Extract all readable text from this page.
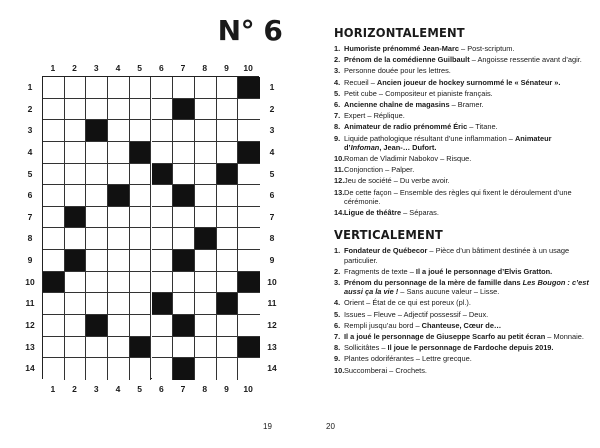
N° 6
1
1
2
2
3
3
4
4
5
5
6
6
7
7
8
8
9
9
10
10
1	1
2	2
3	3
4	4
5	5
6	6
7	7
8	8
9	9
10	10
11	11
12	12
13	13
14	14
19	20
HORIZONTALEMENT
1. Humoriste prénommé Jean-Marc – Post-scriptum.
2. Prénom de la comédienne Guilbault – Angoisse ressentie avant d’agir.
3. Personne douée pour les lettres.
4. Recueil – Ancien joueur de hockey surnommé le « Sénateur ».
5. Petit cube – Compositeur et pianiste français.
6. Ancienne chaîne de magasins – Bramer.
7. Expert – Réplique.
8. Animateur de radio prénommé Éric – Titane.
9. Liquide pathologique résultant d’une inflammation – Animateur d’Infoman, Jean-… Dufort.
10. Roman de Vladimir Nabokov – Risque.
11. Conjonction – Palper.
12. Jeu de société – Du verbe avoir.
13. De cette façon – Ensemble des règles qui fixent le déroulement d’une cérémonie.
14. Ligue de théâtre – Séparas.
VERTICALEMENT
1. Fondateur de Québecor – Pièce d’un bâtiment destinée à un usage particulier.
2. Fragments de texte – Il a joué le personnage d’Elvis Gratton.
3. Prénom du personnage de la mère de famille dans Les Bougon : c’est aussi ça la vie ! – Sans aucune valeur – Lisse.
4. Orient – État de ce qui est poreux (pl.).
5. Issues – Fleuve – Adjectif possessif – Deux.
6. Rempli jusqu’au bord – Chanteuse, Cœur de…
7. Il a joué le personnage de Giuseppe Scarfo au petit écran – Monnaie.
8. Sollicitâtes – Il joue le personnage de Fardoche depuis 2019.
9. Plantes odoriférantes – Lettre grecque.
10. Succomberai – Crochets.
